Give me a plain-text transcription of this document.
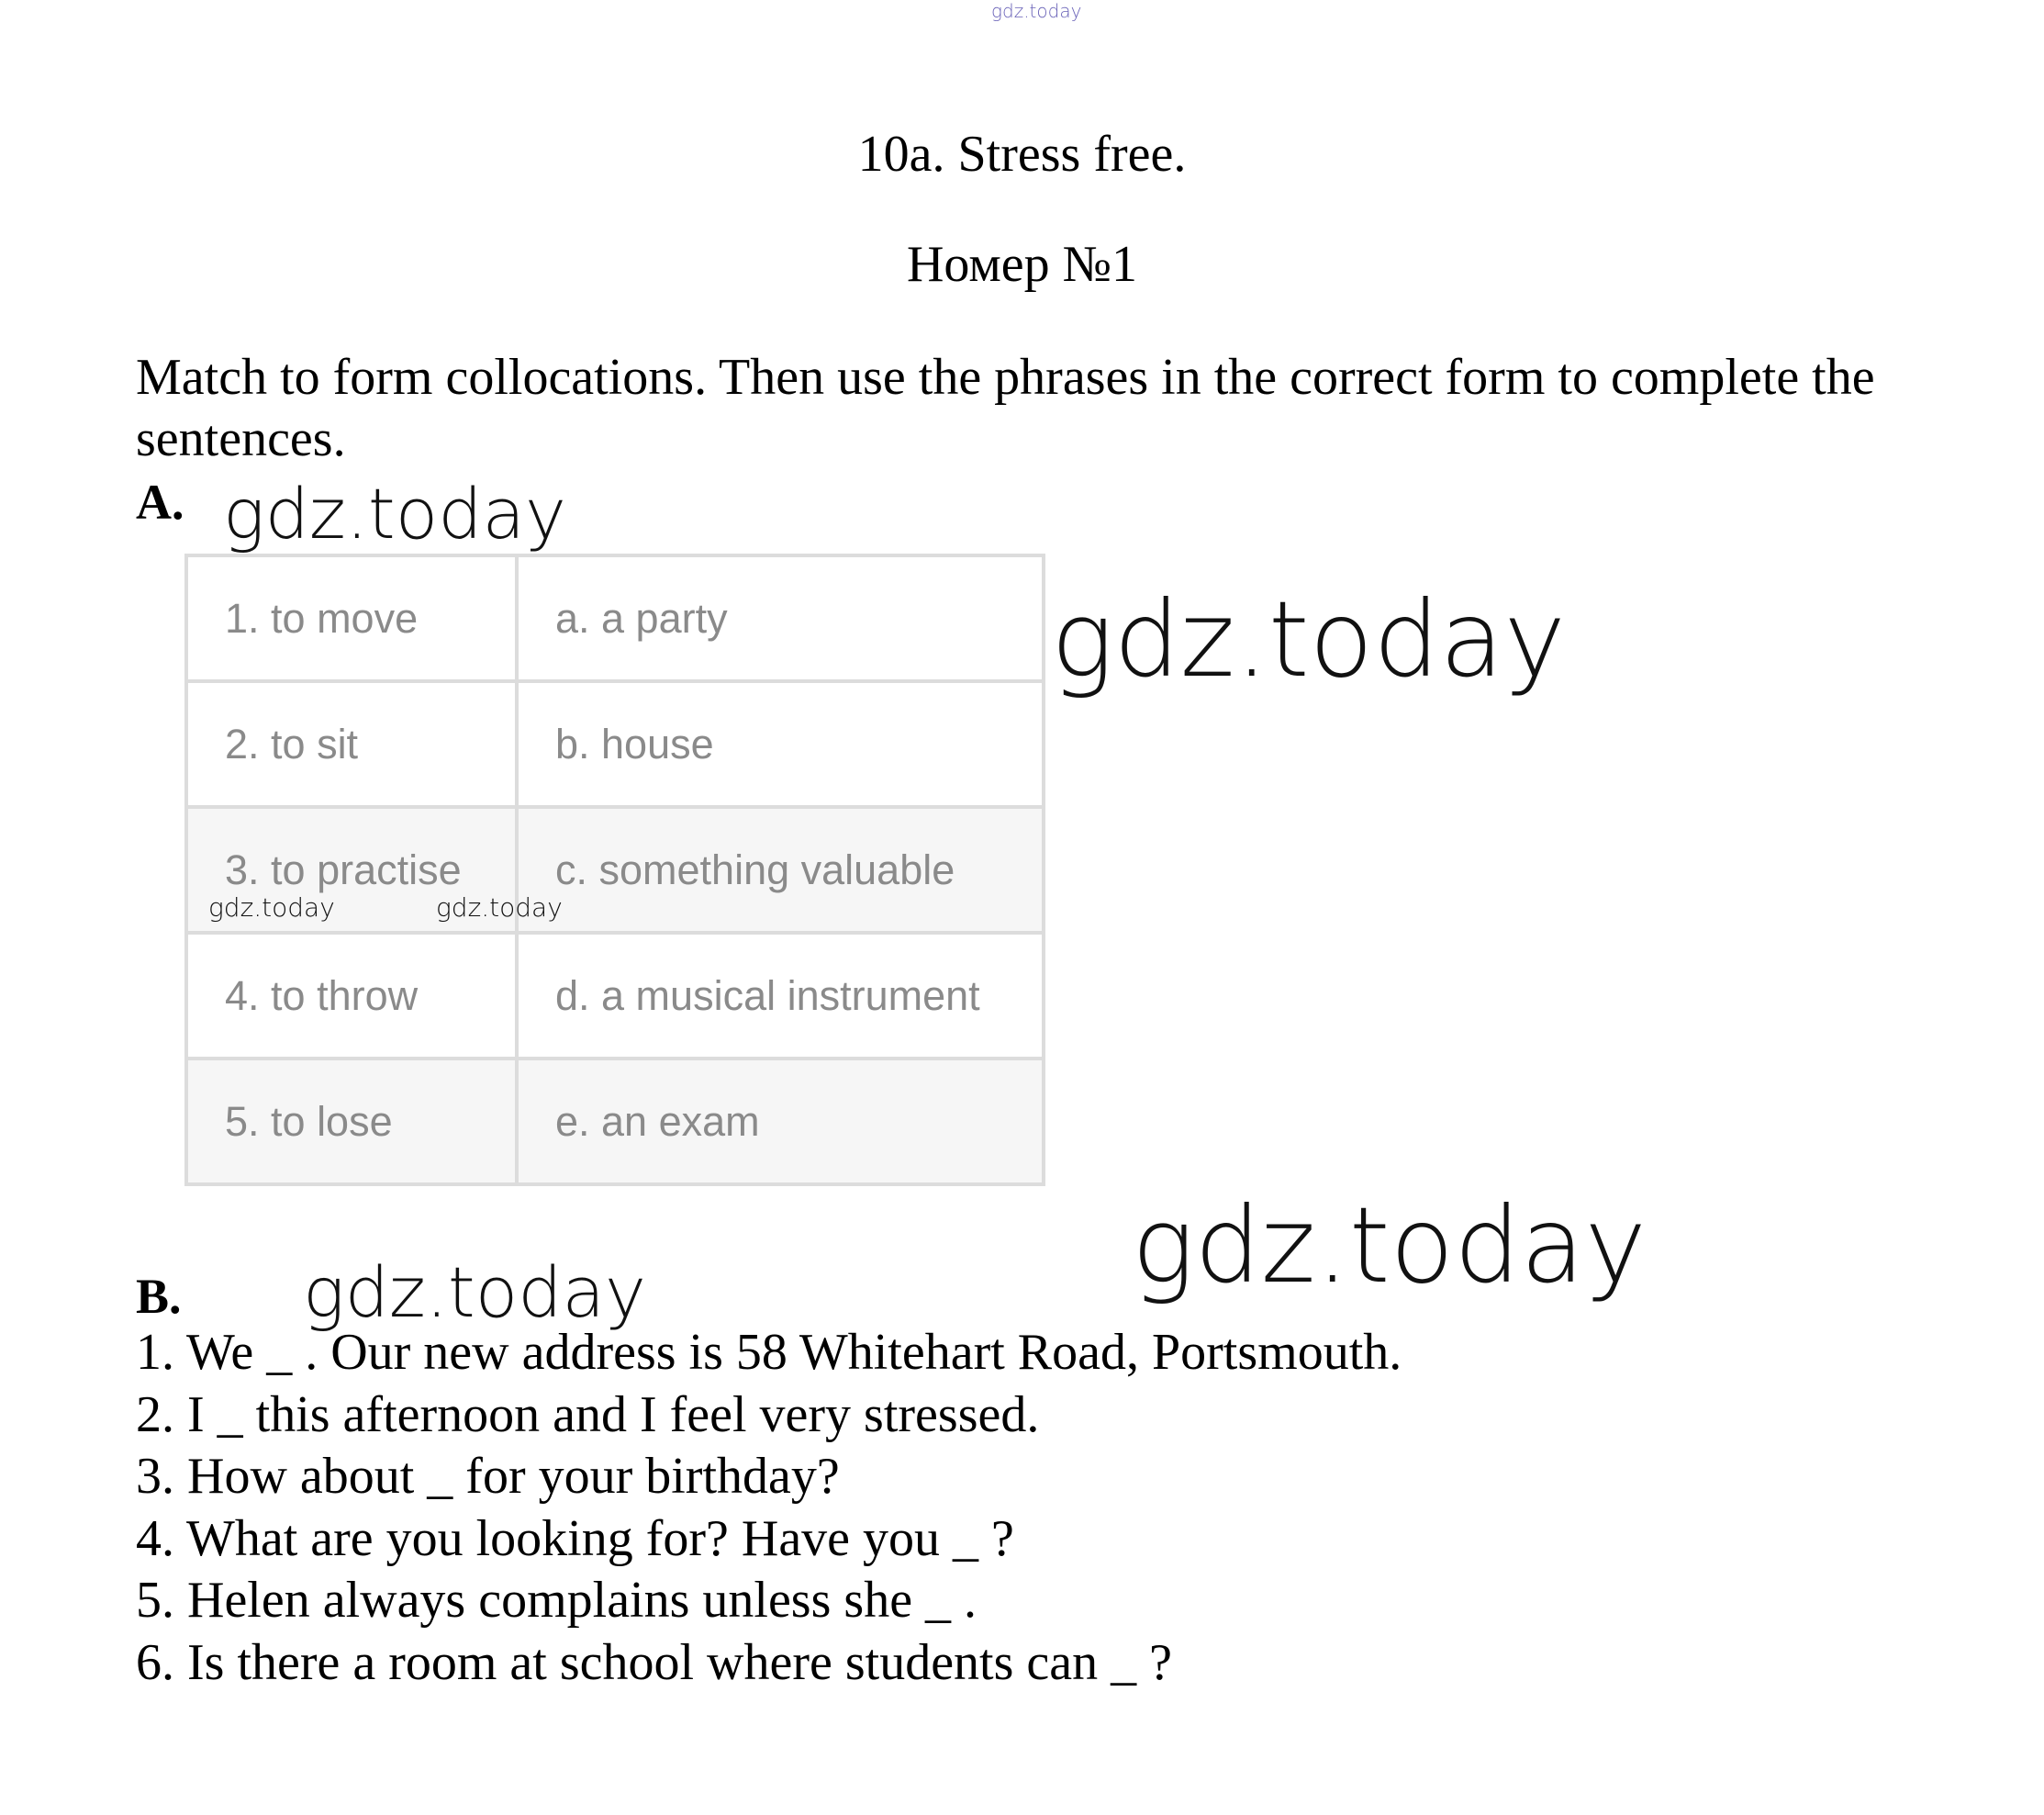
gdz.today
10a. Stress free.
Номер №1
Match to form collocations. Then use the phrases in the correct form to complete the sentences.
A. gdz.today
1. to move	a. a party
2. to sit	b. house
3. to practise	c. something valuable
4. to throw	d. a musical instrument
5. to lose	e. an exam
gdz.today	gdz.today
gdz.today
gdz.today
B. gdz.today
1. We _ . Our new address is 58 Whitehart Road, Portsmouth.
2. I _ this afternoon and I feel very stressed.
3. How about _ for your birthday?
4. What are you looking for? Have you _ ?
5. Helen always complains unless she _ .
6. Is there a room at school where students can _ ?
